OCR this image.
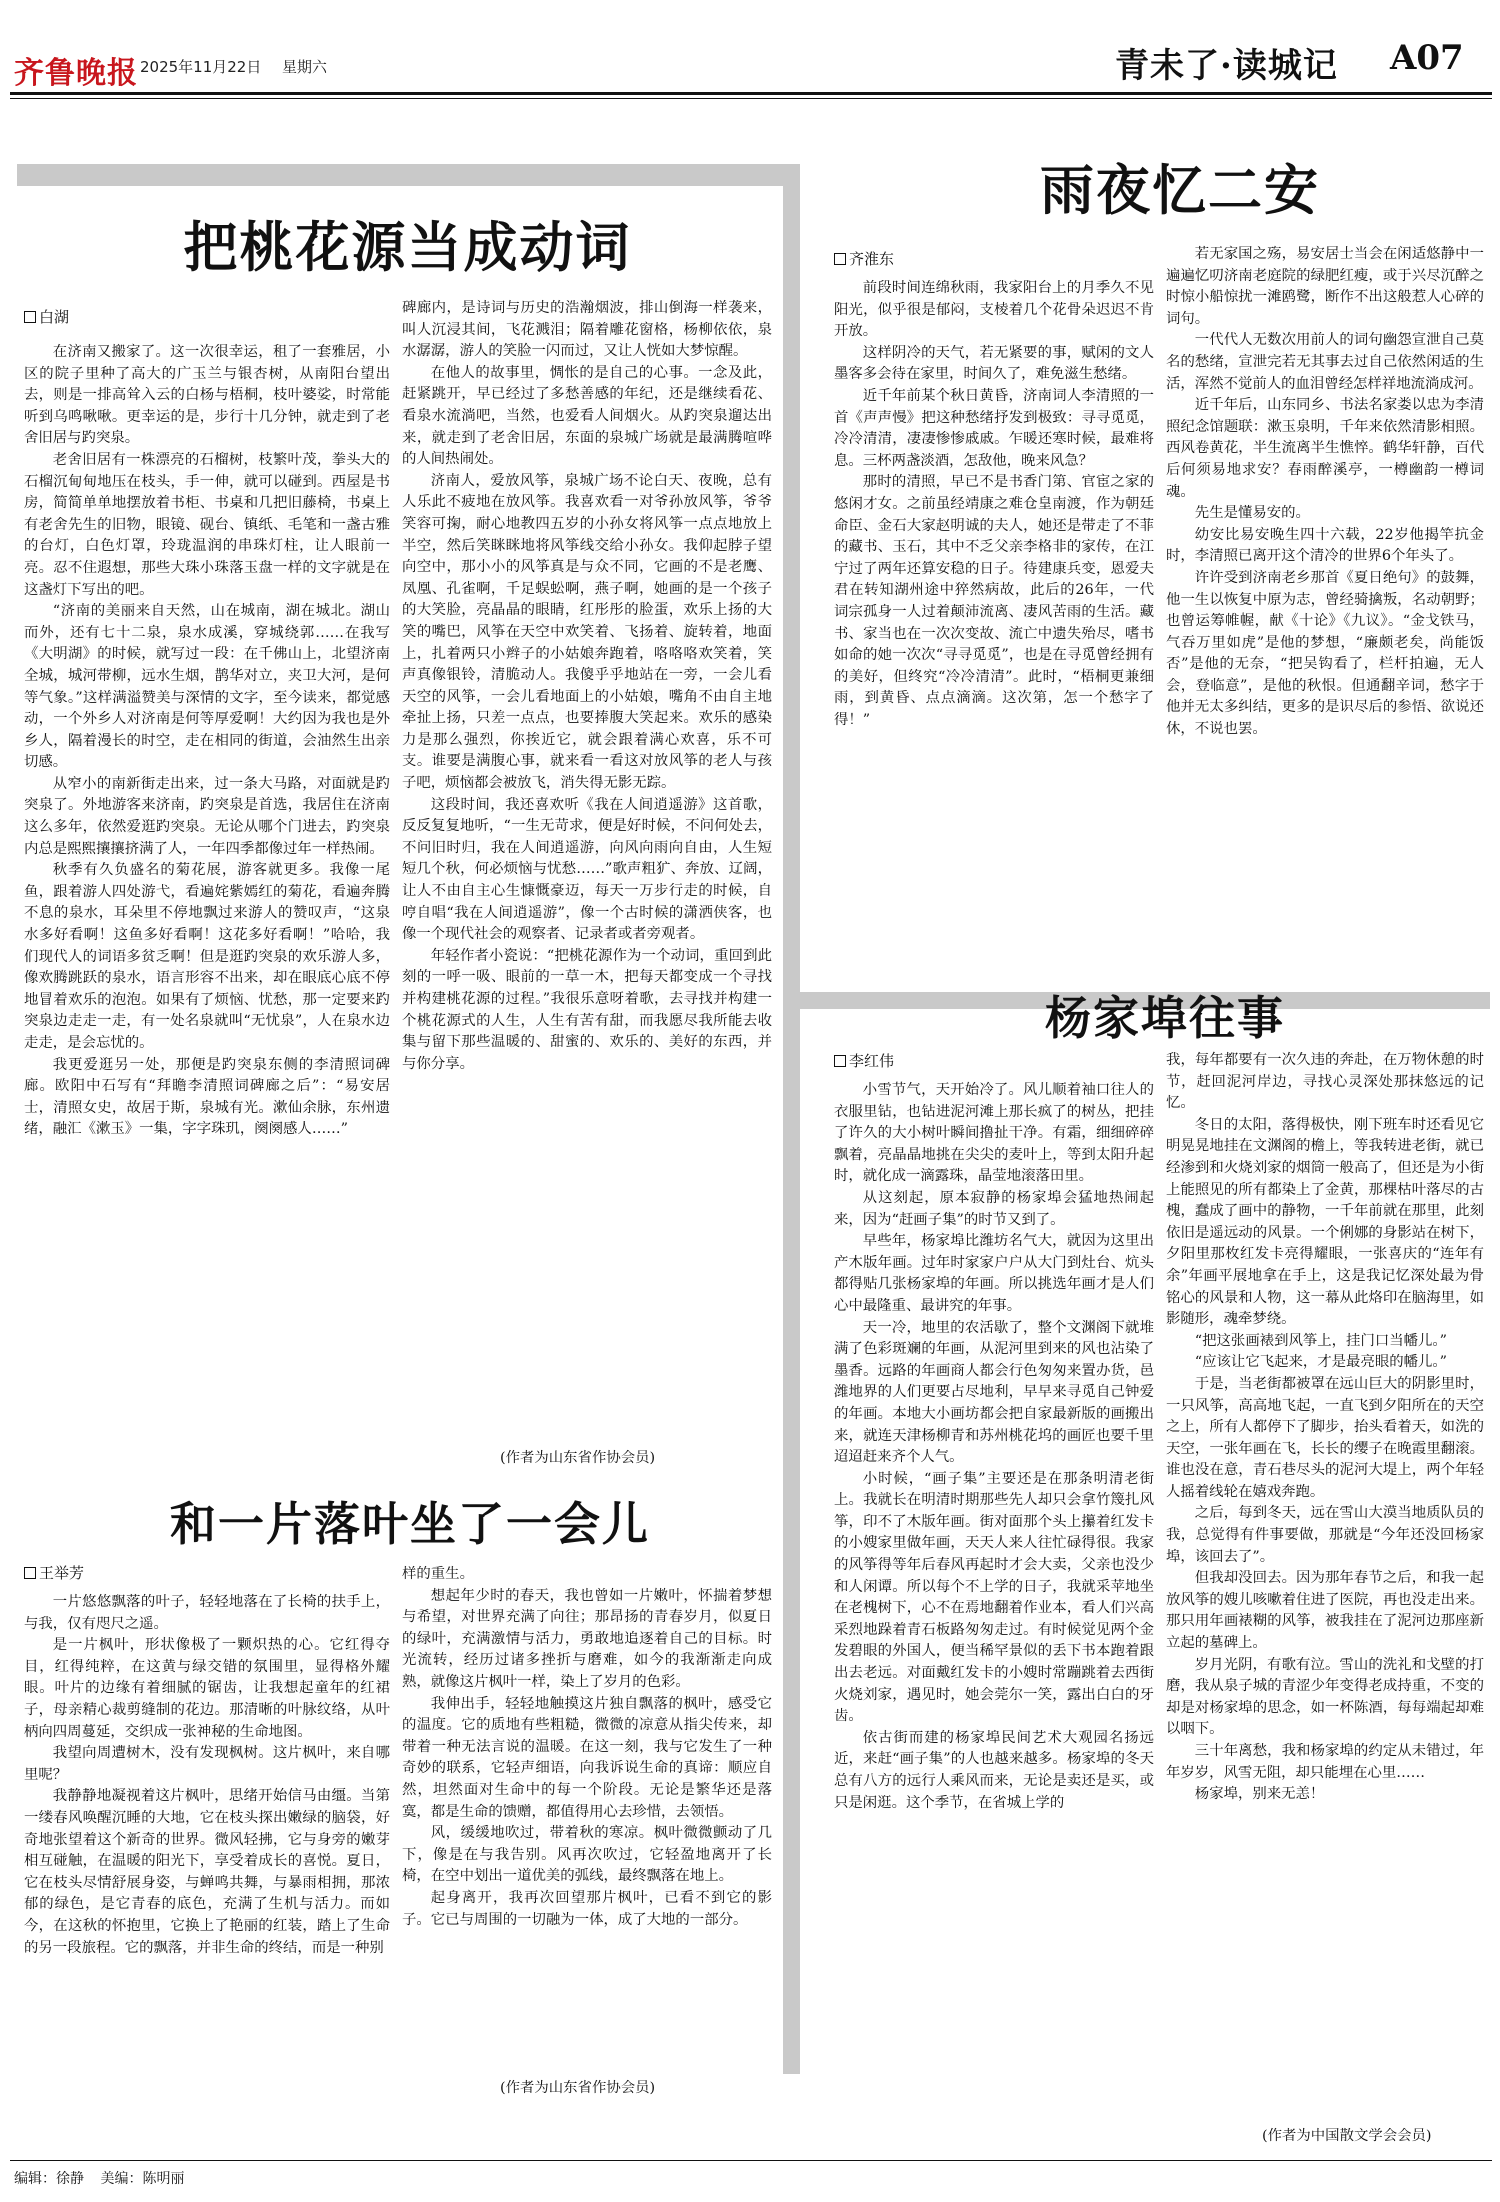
齐鲁晚报 2025年11月22日 星期六	青未了·读城记 A07
把桃花源当成动词
白湖

在济南又搬家了。这一次很幸运，租了一套雅居，小区的院子里种了高大的广玉兰与银杏树，从南阳台望出去，则是一排高耸入云的白杨与梧桐，枝叶婆娑，时常能听到乌鸣啾啾。更幸运的是，步行十几分钟，就走到了老舍旧居与趵突泉。

老舍旧居有一株漂亮的石榴树，枝繁叶茂，拳头大的石榴沉甸甸地压在枝头，手一伸，就可以碰到。西屋是书房，简简单单地摆放着书柜、书桌和几把旧藤椅，书桌上有老舍先生的旧物，眼镜、砚台、镇纸、毛笔和一盏古雅的台灯，白色灯罩，玲珑温润的串珠灯柱，让人眼前一亮。忍不住遐想，那些大珠小珠落玉盘一样的文字就是在这盏灯下写出的吧。

“济南的美丽来自天然，山在城南，湖在城北。湖山而外，还有七十二泉，泉水成溪，穿城绕郭……在我写《大明湖》的时候，就写过一段：在千佛山上，北望济南全城，城河带柳，远水生烟，鹊华对立，夹卫大河，是何等气象。”这样满溢赞美与深情的文字，至今读来，都觉感动，一个外乡人对济南是何等厚爱啊！大约因为我也是外乡人，隔着漫长的时空，走在相同的街道，会油然生出亲切感。

从窄小的南新街走出来，过一条大马路，对面就是趵突泉了。外地游客来济南，趵突泉是首选，我居住在济南这么多年，依然爱逛趵突泉。无论从哪个门进去，趵突泉内总是熙熙攘攘挤满了人，一年四季都像过年一样热闹。

秋季有久负盛名的菊花展，游客就更多。我像一尾鱼，跟着游人四处游弋，看遍姹紫嫣红的菊花，看遍奔腾不息的泉水，耳朵里不停地飘过来游人的赞叹声，“这泉水多好看啊！这鱼多好看啊！这花多好看啊！”哈哈，我们现代人的词语多贫乏啊！但是逛趵突泉的欢乐游人多，像欢腾跳跃的泉水，语言形容不出来，却在眼底心底不停地冒着欢乐的泡泡。如果有了烦恼、忧愁，那一定要来趵突泉边走走一走，有一处名泉就叫“无忧泉”，人在泉水边走走，是会忘忧的。

我更爱逛另一处，那便是趵突泉东侧的李清照词碑廊。欧阳中石写有“拜瞻李清照词碑廊之后”：“易安居士，清照女史，故居于斯，泉城有光。漱仙余脉，东州遗绪，融汇《漱玉》一集，字字珠玑，阕阕感人……”

碑廊内，是诗词与历史的浩瀚烟波，排山倒海一样袭来，叫人沉浸其间，飞花溅泪；隔着雕花窗格，杨柳依依，泉水潺潺，游人的笑脸一闪而过，又让人恍如大梦惊醒。

在他人的故事里，惆怅的是自己的心事。一念及此，赶紧跳开，早已经过了多愁善感的年纪，还是继续看花、看泉水流淌吧，当然，也爱看人间烟火。从趵突泉遛达出来，就走到了老舍旧居，东面的泉城广场就是最满腾喧哗的人间热闹处。

济南人，爱放风筝，泉城广场不论白天、夜晚，总有人乐此不疲地在放风筝。我喜欢看一对爷孙放风筝，爷爷笑容可掬，耐心地教四五岁的小孙女将风筝一点点地放上半空，然后笑眯眯地将风筝线交给小孙女。我仰起脖子望向空中，那小小的风筝真是与众不同，它画的不是老鹰、凤凰、孔雀啊，千足蜈蚣啊，燕子啊，她画的是一个孩子的大笑脸，亮晶晶的眼睛，红彤彤的脸蛋，欢乐上扬的大笑的嘴巴，风筝在天空中欢笑着、飞扬着、旋转着，地面上，扎着两只小辫子的小姑娘奔跑着，咯咯咯欢笑着，笑声真像银铃，清脆动人。我傻乎乎地站在一旁，一会儿看天空的风筝，一会儿看地面上的小姑娘，嘴角不由自主地牵扯上扬，只差一点点，也要捧腹大笑起来。欢乐的感染力是那么强烈，你挨近它，就会跟着满心欢喜，乐不可支。谁要是满腹心事，就来看一看这对放风筝的老人与孩子吧，烦恼都会被放飞，消失得无影无踪。

这段时间，我还喜欢听《我在人间逍遥游》这首歌，反反复复地听，“一生无苛求，便是好时候，不问何处去，不问旧时归，我在人间逍遥游，向风向雨向自由，人生短短几个秋，何必烦恼与忧愁……”歌声粗犷、奔放、辽阔，让人不由自主心生慷慨豪迈，每天一万步行走的时候，自哼自唱“我在人间逍遥游”，像一个古时候的潇洒侠客，也像一个现代社会的观察者、记录者或者旁观者。

年轻作者小瓷说：“把桃花源作为一个动词，重回到此刻的一呼一吸、眼前的一草一木，把每天都变成一个寻找并构建桃花源的过程。”我很乐意呀着歌，去寻找并构建一个桃花源式的人生，人生有苦有甜，而我愿尽我所能去收集与留下那些温暖的、甜蜜的、欢乐的、美好的东西，并与你分享。

(作者为山东省作协会员)
和一片落叶坐了一会儿
王举芳

一片悠悠飘落的叶子，轻轻地落在了长椅的扶手上，与我，仅有咫尺之遥。

是一片枫叶，形状像极了一颗炽热的心。它红得夺目，红得纯粹，在这黄与绿交错的氛围里，显得格外耀眼。叶片的边缘有着细腻的锯齿，让我想起童年的红裙子，母亲精心裁剪缝制的花边。那清晰的叶脉纹络，从叶柄向四周蔓延，交织成一张神秘的生命地图。

我望向周遭树木，没有发现枫树。这片枫叶，来自哪里呢？

我静静地凝视着这片枫叶，思绪开始信马由缰。当第一缕春风唤醒沉睡的大地，它在枝头探出嫩绿的脑袋，好奇地张望着这个新奇的世界。微风轻拂，它与身旁的嫩芽相互碰触，在温暖的阳光下，享受着成长的喜悦。夏日，它在枝头尽情舒展身姿，与蝉鸣共舞，与暴雨相拥，那浓郁的绿色，是它青春的底色，充满了生机与活力。而如今，在这秋的怀抱里，它换上了艳丽的红装，踏上了生命的另一段旅程。它的飘落，并非生命的终结，而是一种别

样的重生。

想起年少时的春天，我也曾如一片嫩叶，怀揣着梦想与希望，对世界充满了向往；那昂扬的青春岁月，似夏日的绿叶，充满激情与活力，勇敢地追逐着自己的目标。时光流转，经历过诸多挫折与磨难，如今的我渐渐走向成熟，就像这片枫叶一样，染上了岁月的色彩。

我伸出手，轻轻地触摸这片独自飘落的枫叶，感受它的温度。它的质地有些粗糙，微微的凉意从指尖传来，却带着一种无法言说的温暖。在这一刻，我与它发生了一种奇妙的联系，它轻声细语，向我诉说生命的真谛：顺应自然，坦然面对生命中的每一个阶段。无论是繁华还是落寞，都是生命的馈赠，都值得用心去珍惜，去领悟。

风，缓缓地吹过，带着秋的寒凉。枫叶微微颤动了几下，像是在与我告别。风再次吹过，它轻盈地离开了长椅，在空中划出一道优美的弧线，最终飘落在地上。

起身离开，我再次回望那片枫叶，已看不到它的影子。它已与周围的一切融为一体，成了大地的一部分。

(作者为山东省作协会员)
雨夜忆二安
齐淮东

前段时间连绵秋雨，我家阳台上的月季久不见阳光，似乎很是郁闷，支棱着几个花骨朵迟迟不肯开放。

这样阴冷的天气，若无紧要的事，赋闲的文人墨客多会待在家里，时间久了，难免滋生愁绪。

近千年前某个秋日黄昏，济南词人李清照的一首《声声慢》把这种愁绪抒发到极致：寻寻觅觅，冷冷清清，凄凄惨惨戚戚。乍暖还寒时候，最难将息。三杯两盏淡酒，怎敌他，晚来风急？

那时的清照，早已不是书香门第、官宦之家的悠闲才女。之前虽经靖康之难仓皇南渡，作为朝廷命臣、金石大家赵明诚的夫人，她还是带走了不菲的藏书、玉石，其中不乏父亲李格非的家传，在江宁过了两年还算安稳的日子。待建康兵变，恩爱夫君在转知湖州途中猝然病故，此后的26年，一代词宗孤身一人过着颠沛流离、凄风苦雨的生活。藏书、家当也在一次次变故、流亡中遗失殆尽，嗜书如命的她一次次“寻寻觅觅”，也是在寻觅曾经拥有的美好，但终究“冷冷清清”。此时，“梧桐更兼细雨，到黄昏、点点滴滴。这次第，怎一个愁字了得！”

若无家国之殇，易安居士当会在闲适悠静中一遍遍忆叨济南老庭院的绿肥红瘦，或于兴尽沉醉之时惊小船惊扰一滩鸥鹭，断作不出这般惹人心碎的词句。

一代代人无数次用前人的词句幽怨宣泄自己莫名的愁绪，宣泄完若无其事去过自己依然闲适的生活，浑然不觉前人的血泪曾经怎样祥地流淌成河。

近千年后，山东同乡、书法名家娄以忠为李清照纪念馆题联：漱玉泉明，千年来依然清影相照。西风卷黄花，半生流离半生憔悴。鹤华轩静，百代后何须易地求安？春雨醉溪亭，一樽幽韵一樽词魂。

先生是懂易安的。

幼安比易安晚生四十六载，22岁他揭竿抗金时，李清照已离开这个清冷的世界6个年头了。

许许受到济南老乡那首《夏日绝句》的鼓舞，他一生以恢复中原为志，曾经骑擒叛，名动朝野；也曾运筹帷幄，献《十论》《九议》。“金戈铁马，气吞万里如虎”是他的梦想，“廉颇老矣，尚能饭否”是他的无奈，“把吴钩看了，栏杆拍遍，无人会，登临意”，是他的秋恨。但通翻辛词，愁字于他并无太多纠结，更多的是识尽后的参悟、欲说还休，不说也罢。

杨家埠往事
李红伟

小雪节气，天开始冷了。风儿顺着袖口往人的衣服里钻，也钻进泥河滩上那长疯了的树丛，把挂了许久的大小树叶瞬间撸扯干净。有霜，细细碎碎飘着，亮晶晶地挑在尖尖的麦叶上，等到太阳升起时，就化成一滴露珠，晶莹地滚落田里。

从这刻起，原本寂静的杨家埠会猛地热闹起来，因为“赶画子集”的时节又到了。

早些年，杨家埠比潍坊名气大，就因为这里出产木版年画。过年时家家户户从大门到灶台、炕头都得贴几张杨家埠的年画。所以挑选年画才是人们心中最隆重、最讲究的年事。

天一冷，地里的农活歇了，整个文渊阁下就堆满了色彩斑斓的年画，从泥河里到来的风也沾染了墨香。远路的年画商人都会行色匆匆来置办货，邑潍地界的人们更要占尽地利，早早来寻觅自己钟爱的年画。本地大小画坊都会把自家最新版的画搬出来，就连天津杨柳青和苏州桃花坞的画匠也要千里迢迢赶来齐个人气。

小时候，“画子集”主要还是在那条明清老街上。我就长在明清时期那些先人却只会拿竹篾扎风筝，印不了木版年画。街对面那个头上攥着红发卡的小嫂家里做年画，天天人来人往忙碌得很。我家的风筝得等年后春风再起时才会大卖，父亲也没少和人闲谭。所以每个不上学的日子，我就采苹地坐在老槐树下，心不在焉地翻着作业本，看人们兴高采烈地跺着青石板路匆匆走过。有时候觉见两个金发碧眼的外国人，便当稀罕景似的丢下书本跑着跟出去老远。对面戴红发卡的小嫂时常蹦跳着去西街火烧刘家，遇见时，她会莞尔一笑，露出白白的牙齿。

依古街而建的杨家埠民间艺术大观园名扬远近，来赶“画子集”的人也越来越多。杨家埠的冬天总有八方的远行人乘风而来，无论是卖还是买，或只是闲逛。这个季节，在省城上学的

我，每年都要有一次久违的奔赴，在万物休憩的时节，赶回泥河岸边，寻找心灵深处那抹悠远的记忆。

冬日的太阳，落得极快，刚下班车时还看见它明晃晃地挂在文渊阁的檐上，等我转进老街，就已经渗到和火烧刘家的烟筒一般高了，但还是为小街上能照见的所有都染上了金黄，那棵枯叶落尽的古槐，蠢成了画中的静物，一千年前就在那里，此刻依旧是遥远动的风景。一个俐娜的身影站在树下，夕阳里那枚红发卡亮得耀眼，一张喜庆的“连年有余”年画平展地拿在手上，这是我记忆深处最为骨铭心的风景和人物，这一幕从此烙印在脑海里，如影随形，魂牵梦绕。

“把这张画裱到风筝上，挂门口当幡儿。”

“应该让它飞起来，才是最亮眼的幡儿。”

于是，当老街都被罩在远山巨大的阴影里时，一只风筝，高高地飞起，一直飞到夕阳所在的天空之上，所有人都停下了脚步，抬头看着天，如洗的天空，一张年画在飞，长长的缨子在晚霞里翻滚。谁也没在意，青石巷尽头的泥河大堤上，两个年轻人摇着线轮在嬉戏奔跑。

之后，每到冬天，远在雪山大漠当地质队员的我，总觉得有件事要做，那就是“今年还没回杨家埠，该回去了”。

但我却没回去。因为那年春节之后，和我一起放风筝的嫂儿咳嗽着住进了医院，再也没走出来。那只用年画裱糊的风筝，被我挂在了泥河边那座新立起的墓碑上。

岁月光阴，有歌有泣。雪山的洗礼和戈壁的打磨，我从泉子城的青涩少年变得老成持重，不变的却是对杨家埠的思念，如一杯陈酒，每每端起却难以咽下。

三十年离愁，我和杨家埠的约定从未错过，年年岁岁，风雪无阻，却只能埋在心里……

杨家埠，别来无恙！

(作者为中国散文学会会员)
编辑：徐静 美编：陈明丽
